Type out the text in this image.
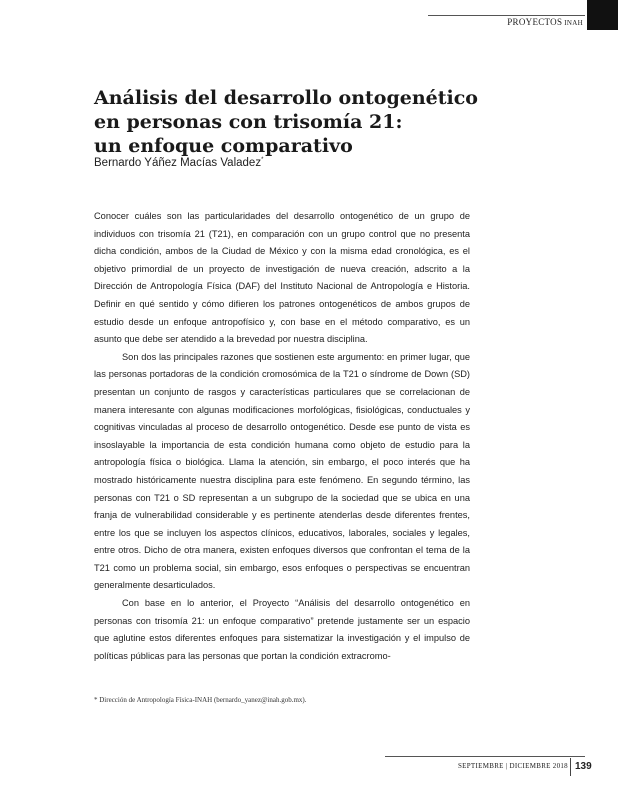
PROYECTOS INAH
Análisis del desarrollo ontogenético
en personas con trisomía 21:
un enfoque comparativo
Bernardo Yáñez Macías Valadez*

Conocer cuáles son las particularidades del desarrollo ontogenético de un grupo de individuos con trisomía 21 (T21), en comparación con un grupo control que no presenta dicha condición, ambos de la Ciudad de México y con la misma edad cronológica, es el objetivo primordial de un proyecto de investigación de nueva creación, adscrito a la Dirección de Antropología Física (DAF) del Instituto Nacional de Antropología e Historia. Definir en qué sentido y cómo difieren los patrones ontogenéticos de ambos grupos de estudio desde un enfoque antropofísico y, con base en el método comparativo, es un asunto que debe ser atendido a la brevedad por nuestra disciplina.

Son dos las principales razones que sostienen este argumento: en primer lugar, que las personas portadoras de la condición cromosómica de la T21 o síndrome de Down (SD) presentan un conjunto de rasgos y características particulares que se correlacionan de manera interesante con algunas modificaciones morfológicas, fisiológicas, conductuales y cognitivas vinculadas al proceso de desarrollo ontogenético. Desde ese punto de vista es insoslayable la importancia de esta condición humana como objeto de estudio para la antropología física o biológica. Llama la atención, sin embargo, el poco interés que ha mostrado históricamente nuestra disciplina para este fenómeno. En segundo término, las personas con T21 o SD representan a un subgrupo de la sociedad que se ubica en una franja de vulnerabilidad considerable y es pertinente atenderlas desde diferentes frentes, entre los que se incluyen los aspectos clínicos, educativos, laborales, sociales y legales, entre otros. Dicho de otra manera, existen enfoques diversos que confrontan el tema de la T21 como un problema social, sin embargo, esos enfoques o perspectivas se encuentran generalmente desarticulados.

Con base en lo anterior, el Proyecto “Análisis del desarrollo ontogenético en personas con trisomía 21: un enfoque comparativo” pretende justamente ser un espacio que aglutine estos diferentes enfoques para sistematizar la investigación y el impulso de políticas públicas para las personas que portan la condición extracromo-

* Dirección de Antropología Física-INAH (bernardo_yanez@inah.gob.mx).
SEPTIEMBRE | DICIEMBRE 2018 139
